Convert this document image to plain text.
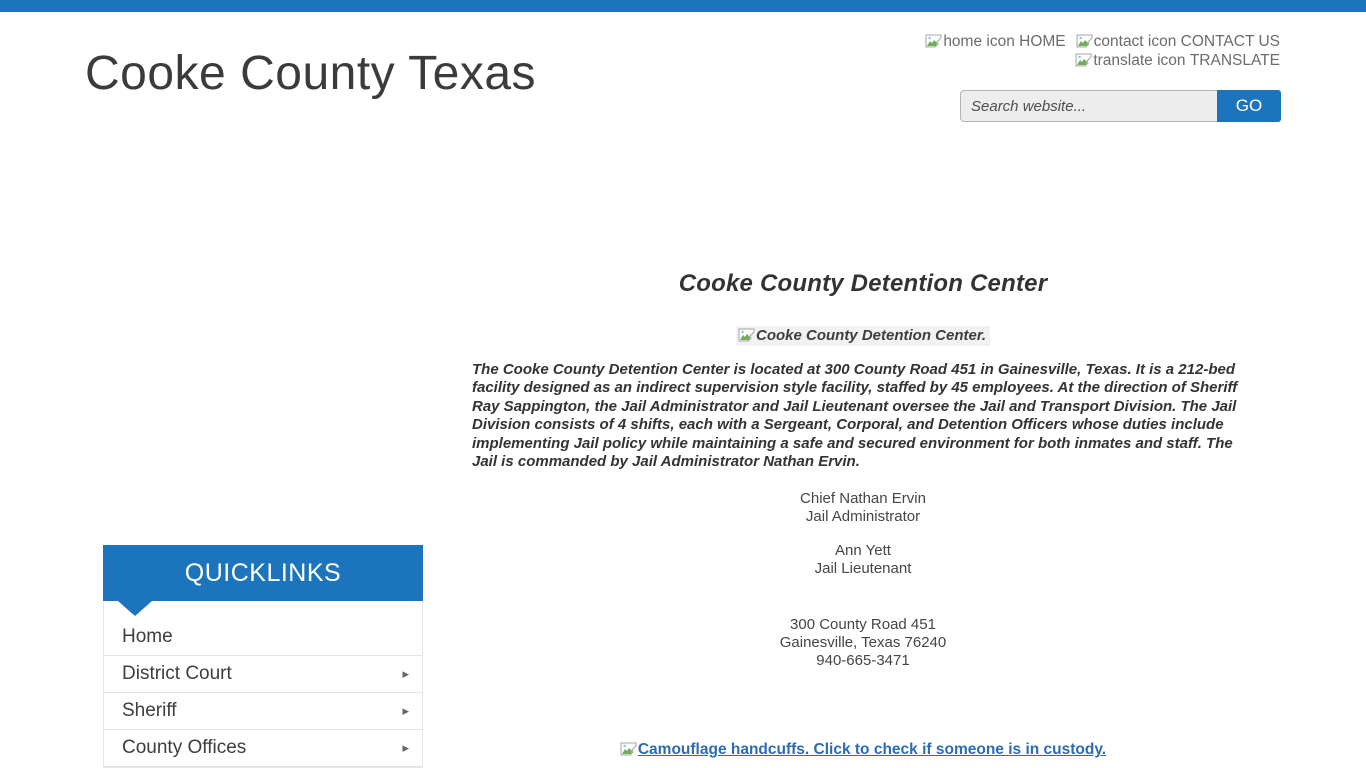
Cooke County Texas
home icon HOME contact icon CONTACT US
translate icon TRANSLATE
Search website...
GO
Cooke County Detention Center
Cooke County Detention Center.

The Cooke County Detention Center is located at 300 County Road 451 in Gainesville, Texas. It is a 212-bed facility designed as an indirect supervision style facility, staffed by 45 employees. At the direction of Sheriff Ray Sappington, the Jail Administrator and Jail Lieutenant oversee the Jail and Transport Division. The Jail Division consists of 4 shifts, each with a Sergeant, Corporal, and Detention Officers whose duties include implementing Jail policy while maintaining a safe and secured environment for both inmates and staff. The Jail is commanded by Jail Administrator Nathan Ervin.

Chief Nathan Ervin
Jail Administrator
Ann Yett
Jail Lieutenant
300 County Road 451
Gainesville, Texas 76240
940-665-3471
Camouflage handcuffs. Click to check if someone is in custody.
QUICKLINKS
Home
District Court	▸
Sheriff	▸
County Offices	▸
